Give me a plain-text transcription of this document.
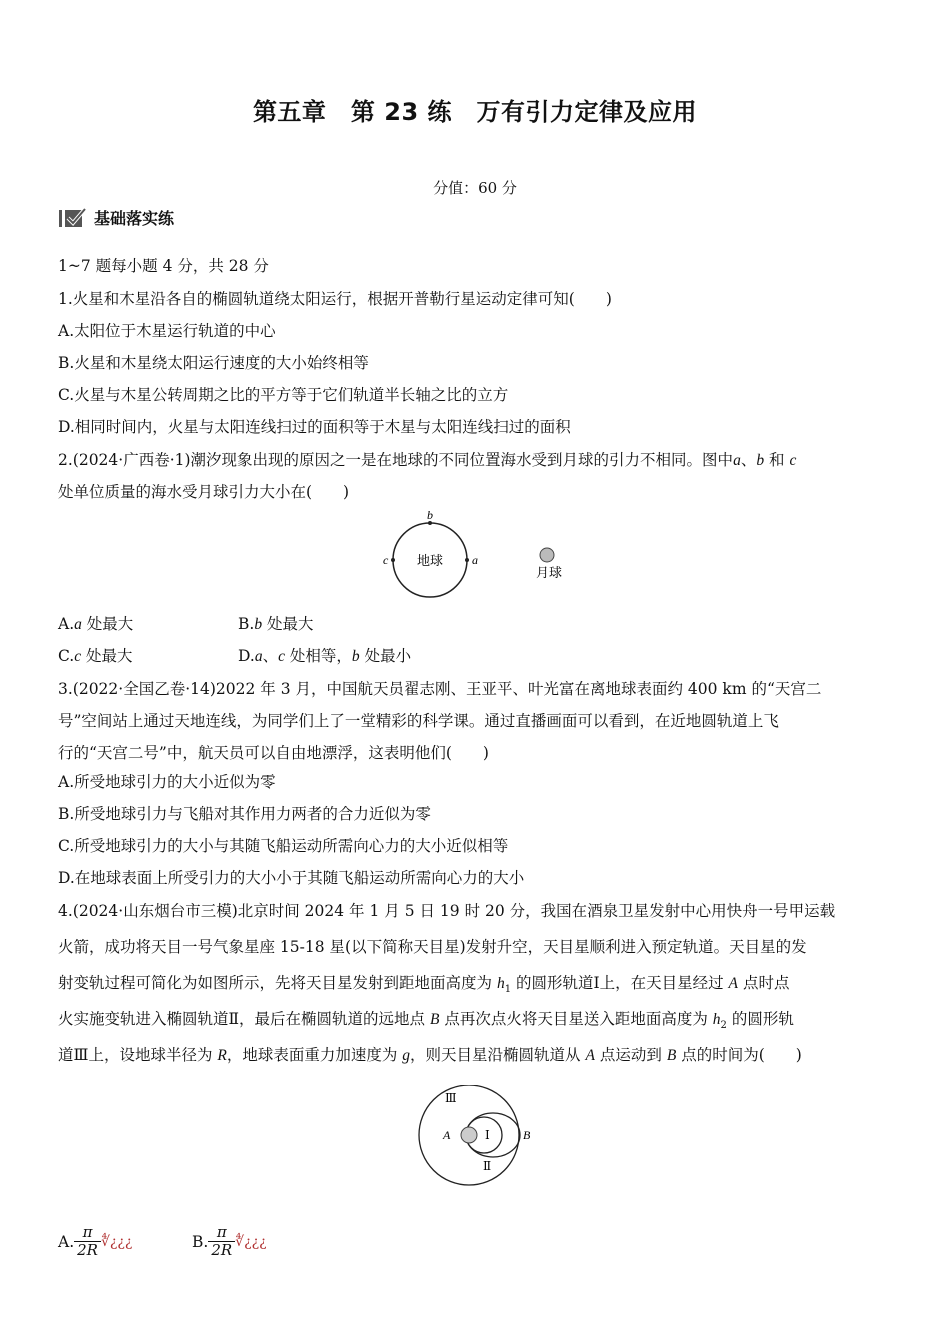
第五章　第 23 练　万有引力定律及应用
分值：60 分
基础落实练
1~7 题每小题 4 分，共 28 分
1.火星和木星沿各自的椭圆轨道绕太阳运行，根据开普勒行星运动定律可知(　　)
A.太阳位于木星运行轨道的中心
B.火星和木星绕太阳运行速度的大小始终相等
C.火星与木星公转周期之比的平方等于它们轨道半长轴之比的立方
D.相同时间内，火星与太阳连线扫过的面积等于木星与太阳连线扫过的面积
2.(2024·广西卷·1)潮汐现象出现的原因之一是在地球的不同位置海水受到月球的引力不相同。图中a、b 和 c
处单位质量的海水受月球引力大小在(　　)
地球 a
b
c
月球
A.a 处最大	B.b 处最大
C.c 处最大	D.a、c 处相等，b 处最小
3.(2022·全国乙卷·14)2022 年 3 月，中国航天员翟志刚、王亚平、叶光富在离地球表面约 400 km 的“天宫二
号”空间站上通过天地连线，为同学们上了一堂精彩的科学课。通过直播画面可以看到，在近地圆轨道上飞
行的“天宫二号”中，航天员可以自由地漂浮，这表明他们(　　)
A.所受地球引力的大小近似为零
B.所受地球引力与飞船对其作用力两者的合力近似为零
C.所受地球引力的大小与其随飞船运动所需向心力的大小近似相等
D.在地球表面上所受引力的大小小于其随飞船运动所需向心力的大小
4.(2024·山东烟台市三模)北京时间 2024 年 1 月 5 日 19 时 20 分，我国在酒泉卫星发射中心用快舟一号甲运载
火箭，成功将天目一号气象星座 15-18 星(以下简称天目星)发射升空，天目星顺利进入预定轨道。天目星的发
射变轨过程可简化为如图所示，先将天目星发射到距地面高度为 $h_1$ 的圆形轨道Ⅰ上，在天目星经过 A 点时点
火实施变轨进入椭圆轨道Ⅱ，最后在椭圆轨道的远地点 B 点再次点火将天目星送入距地面高度为 $h_2$ 的圆形轨
道Ⅲ上，设地球半径为 R，地球表面重力加速度为 g，则天目星沿椭圆轨道从 A 点运动到 B 点的时间为(　　)
Ⅲ
Ⅰ
Ⅱ
A	B
A. $\frac{\pi}{2R}$ ∜¿¿¿	B. $\frac{\pi}{2R}$ ∜¿¿¿
